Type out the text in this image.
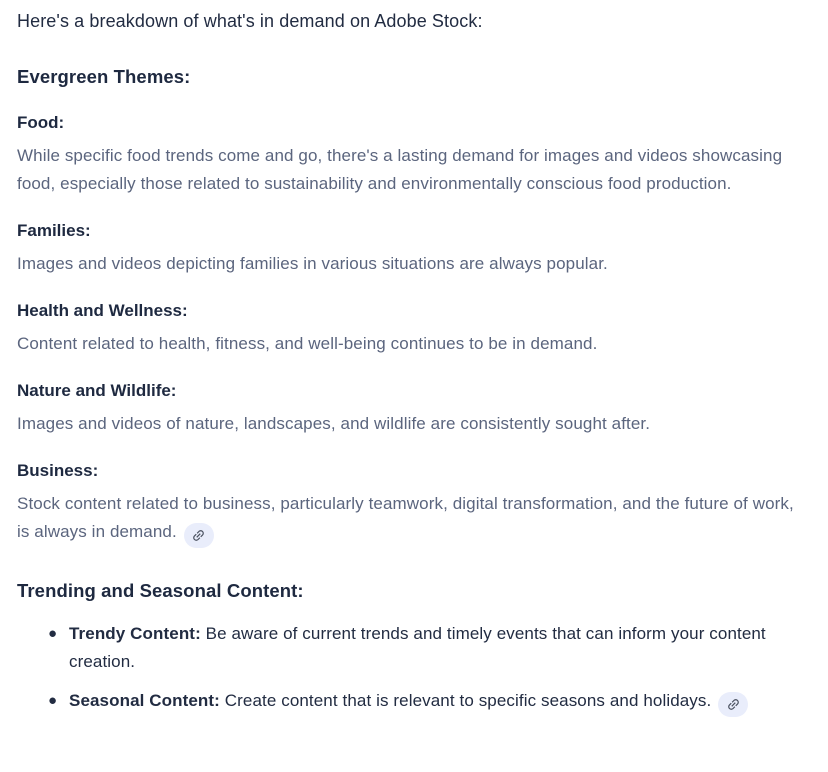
Here's a breakdown of what's in demand on Adobe Stock:

Evergreen Themes:
Food:

While specific food trends come and go, there's a lasting demand for images and videos showcasing food, especially those related to sustainability and environmentally conscious food production.

Families:

Images and videos depicting families in various situations are always popular.

Health and Wellness:

Content related to health, fitness, and well-being continues to be in demand.

Nature and Wildlife:

Images and videos of nature, landscapes, and wildlife are consistently sought after.

Business:

Stock content related to business, particularly teamwork, digital transformation, and the future of work, is always in demand.

Trending and Seasonal Content:
● Trendy Content: Be aware of current trends and timely events that can inform your content creation.
● Seasonal Content: Create content that is relevant to specific seasons and holidays.
